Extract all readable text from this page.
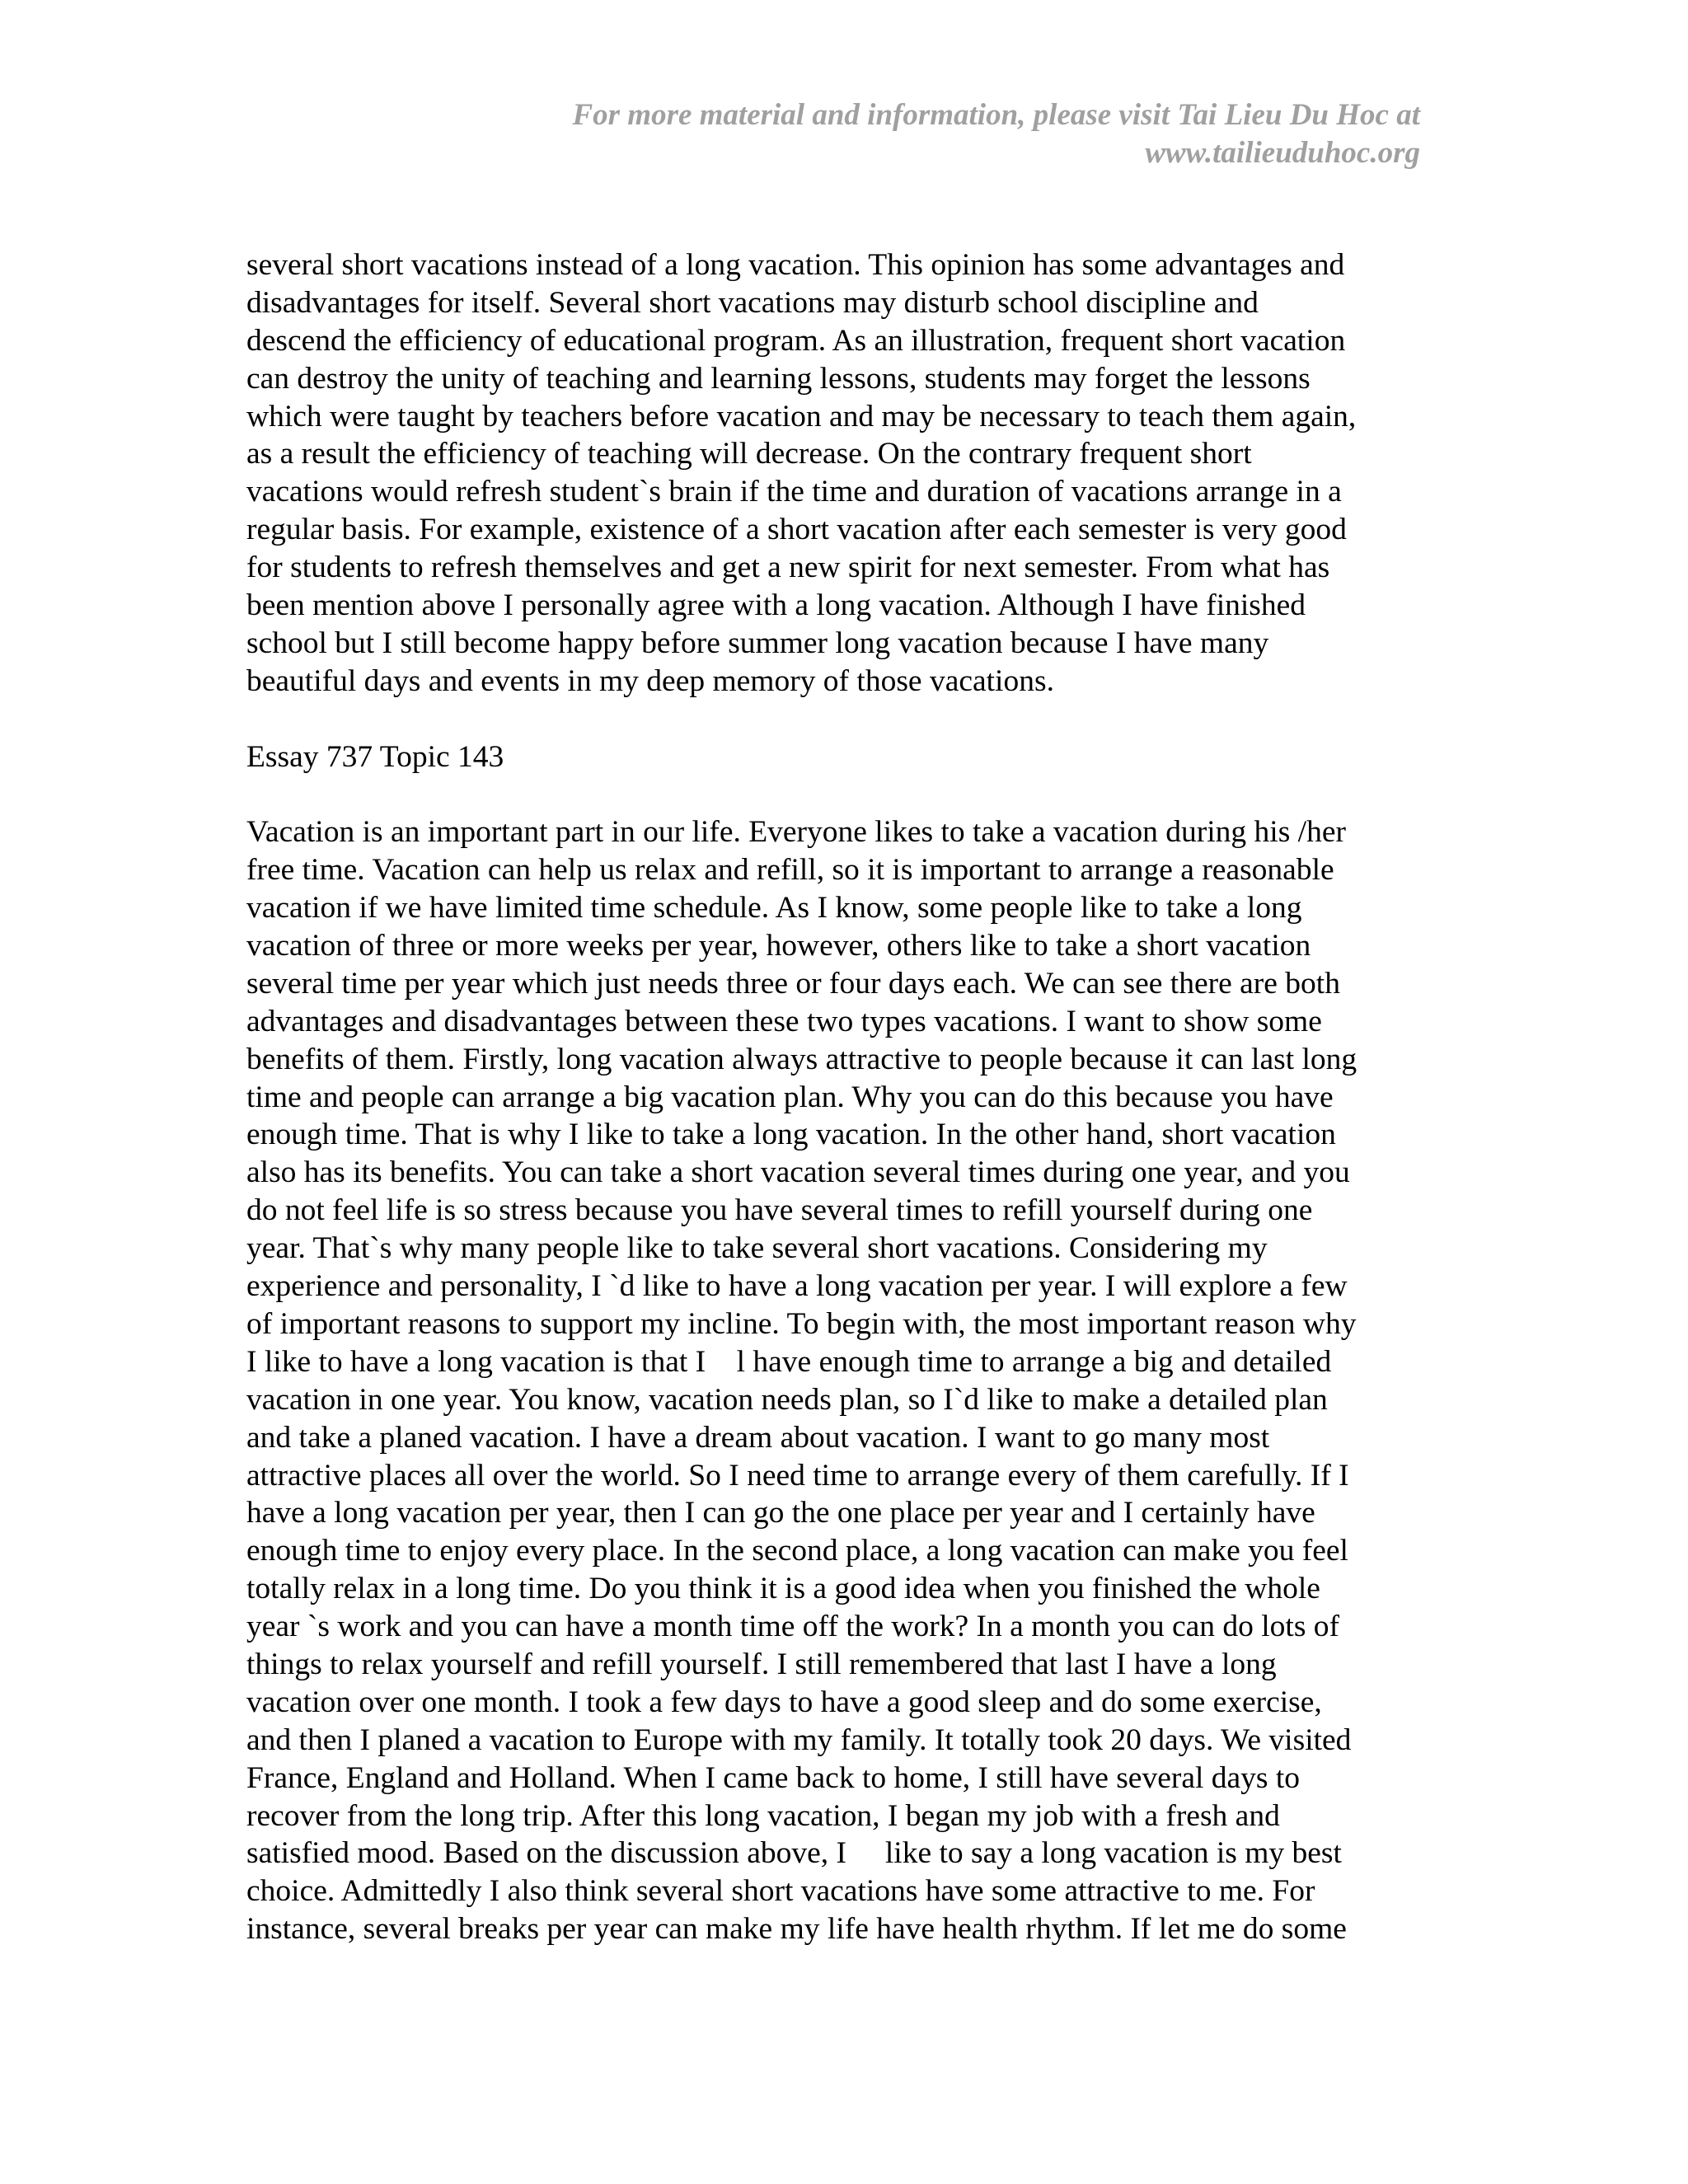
For more material and information, please visit Tai Lieu Du Hoc at
www.tailieuduhoc.org
several short vacations instead of a long vacation. This opinion has some advantages and
disadvantages for itself. Several short vacations may disturb school discipline and
descend the efficiency of educational program. As an illustration, frequent short vacation
can destroy the unity of teaching and learning lessons, students may forget the lessons
which were taught by teachers before vacation and may be necessary to teach them again,
as a result the efficiency of teaching will decrease. On the contrary frequent short
vacations would refresh student`s brain if the time and duration of vacations arrange in a
regular basis. For example, existence of a short vacation after each semester is very good
for students to refresh themselves and get a new spirit for next semester. From what has
been mention above I personally agree with a long vacation. Although I have finished
school but I still become happy before summer long vacation because I have many
beautiful days and events in my deep memory of those vacations.
Essay 737 Topic 143
Vacation is an important part in our life. Everyone likes to take a vacation during his /her
free time. Vacation can help us relax and refill, so it is important to arrange a reasonable
vacation if we have limited time schedule. As I know, some people like to take a long
vacation of three or more weeks per year, however, others like to take a short vacation
several time per year which just needs three or four days each. We can see there are both
advantages and disadvantages between these two types vacations. I want to show some
benefits of them. Firstly, long vacation always attractive to people because it can last long
time and people can arrange a big vacation plan. Why you can do this because you have
enough time. That is why I like to take a long vacation. In the other hand, short vacation
also has its benefits. You can take a short vacation several times during one year, and you
do not feel life is so stress because you have several times to refill yourself during one
year. That`s why many people like to take several short vacations. Considering my
experience and personality, I `d like to have a long vacation per year. I will explore a few
of important reasons to support my incline. To begin with, the most important reason why
I like to have a long vacation is that I    l have enough time to arrange a big and detailed
vacation in one year. You know, vacation needs plan, so I`d like to make a detailed plan
and take a planed vacation. I have a dream about vacation. I want to go many most
attractive places all over the world. So I need time to arrange every of them carefully. If I
have a long vacation per year, then I can go the one place per year and I certainly have
enough time to enjoy every place. In the second place, a long vacation can make you feel
totally relax in a long time. Do you think it is a good idea when you finished the whole
year `s work and you can have a month time off the work? In a month you can do lots of
things to relax yourself and refill yourself. I still remembered that last I have a long
vacation over one month. I took a few days to have a good sleep and do some exercise,
and then I planed a vacation to Europe with my family. It totally took 20 days. We visited
France, England and Holland. When I came back to home, I still have several days to
recover from the long trip. After this long vacation, I began my job with a fresh and
satisfied mood. Based on the discussion above, I     like to say a long vacation is my best
choice. Admittedly I also think several short vacations have some attractive to me. For
instance, several breaks per year can make my life have health rhythm. If let me do some
